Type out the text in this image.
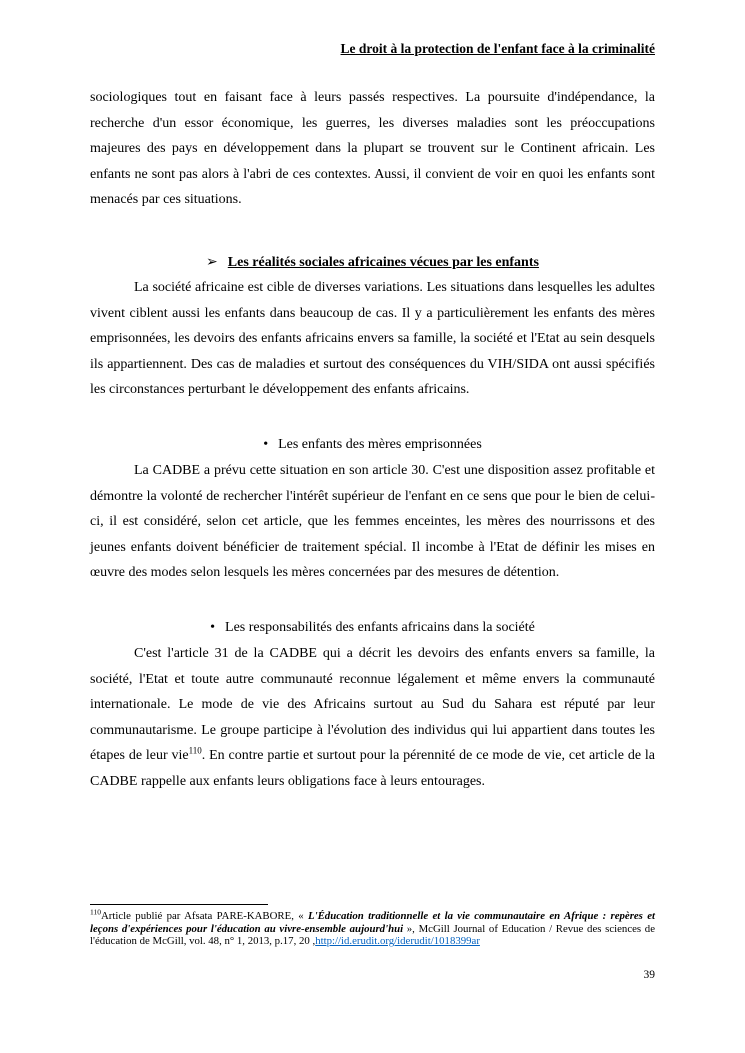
Le droit à la protection de l'enfant face à la criminalité

sociologiques tout en faisant face à leurs passés respectives. La poursuite d'indépendance, la recherche d'un essor économique, les guerres, les diverses maladies sont les préoccupations majeures des pays en développement dans la plupart se trouvent sur le Continent africain. Les enfants ne sont pas alors à l'abri de ces contextes. Aussi, il convient de voir en quoi les enfants sont menacés par ces situations.

➢ Les réalités sociales africaines vécues par les enfants

La société africaine est cible de diverses variations. Les situations dans lesquelles les adultes vivent ciblent aussi les enfants dans beaucoup de cas. Il y a particulièrement les enfants des mères emprisonnées, les devoirs des enfants africains envers sa famille, la société et l'Etat au sein desquels ils appartiennent. Des cas de maladies et surtout des conséquences du VIH/SIDA ont aussi spécifiés les circonstances perturbant le développement des enfants africains.

• Les enfants des mères emprisonnées

La CADBE a prévu cette situation en son article 30. C'est une disposition assez profitable et démontre la volonté de rechercher l'intérêt supérieur de l'enfant en ce sens que pour le bien de celui-ci, il est considéré, selon cet article, que les femmes enceintes, les mères des nourrissons et des jeunes enfants doivent bénéficier de traitement spécial. Il incombe à l'Etat de définir les mises en œuvre des modes selon lesquels les mères concernées par des mesures de détention.

• Les responsabilités des enfants africains dans la société

C'est l'article 31 de la CADBE qui a décrit les devoirs des enfants envers sa famille, la société, l'Etat et toute autre communauté reconnue légalement et même envers la communauté internationale. Le mode de vie des Africains surtout au Sud du Sahara est réputé par leur communautarisme. Le groupe participe à l'évolution des individus qui lui appartient dans toutes les étapes de leur vie$^{110}$. En contre partie et surtout pour la pérennité de ce mode de vie, cet article de la CADBE rappelle aux enfants leurs obligations face à leurs entourages.

$^{110}$Article publié par Afsata PARE-KABORE, « L'Éducation traditionnelle et la vie communautaire en Afrique : repères et leçons d'expériences pour l'éducation au vivre-ensemble aujourd'hui », McGill Journal of Education / Revue des sciences de l'éducation de McGill, vol. 48, n° 1, 2013, p.17, 20 ,http://id.erudit.org/iderudit/1018399ar
39
